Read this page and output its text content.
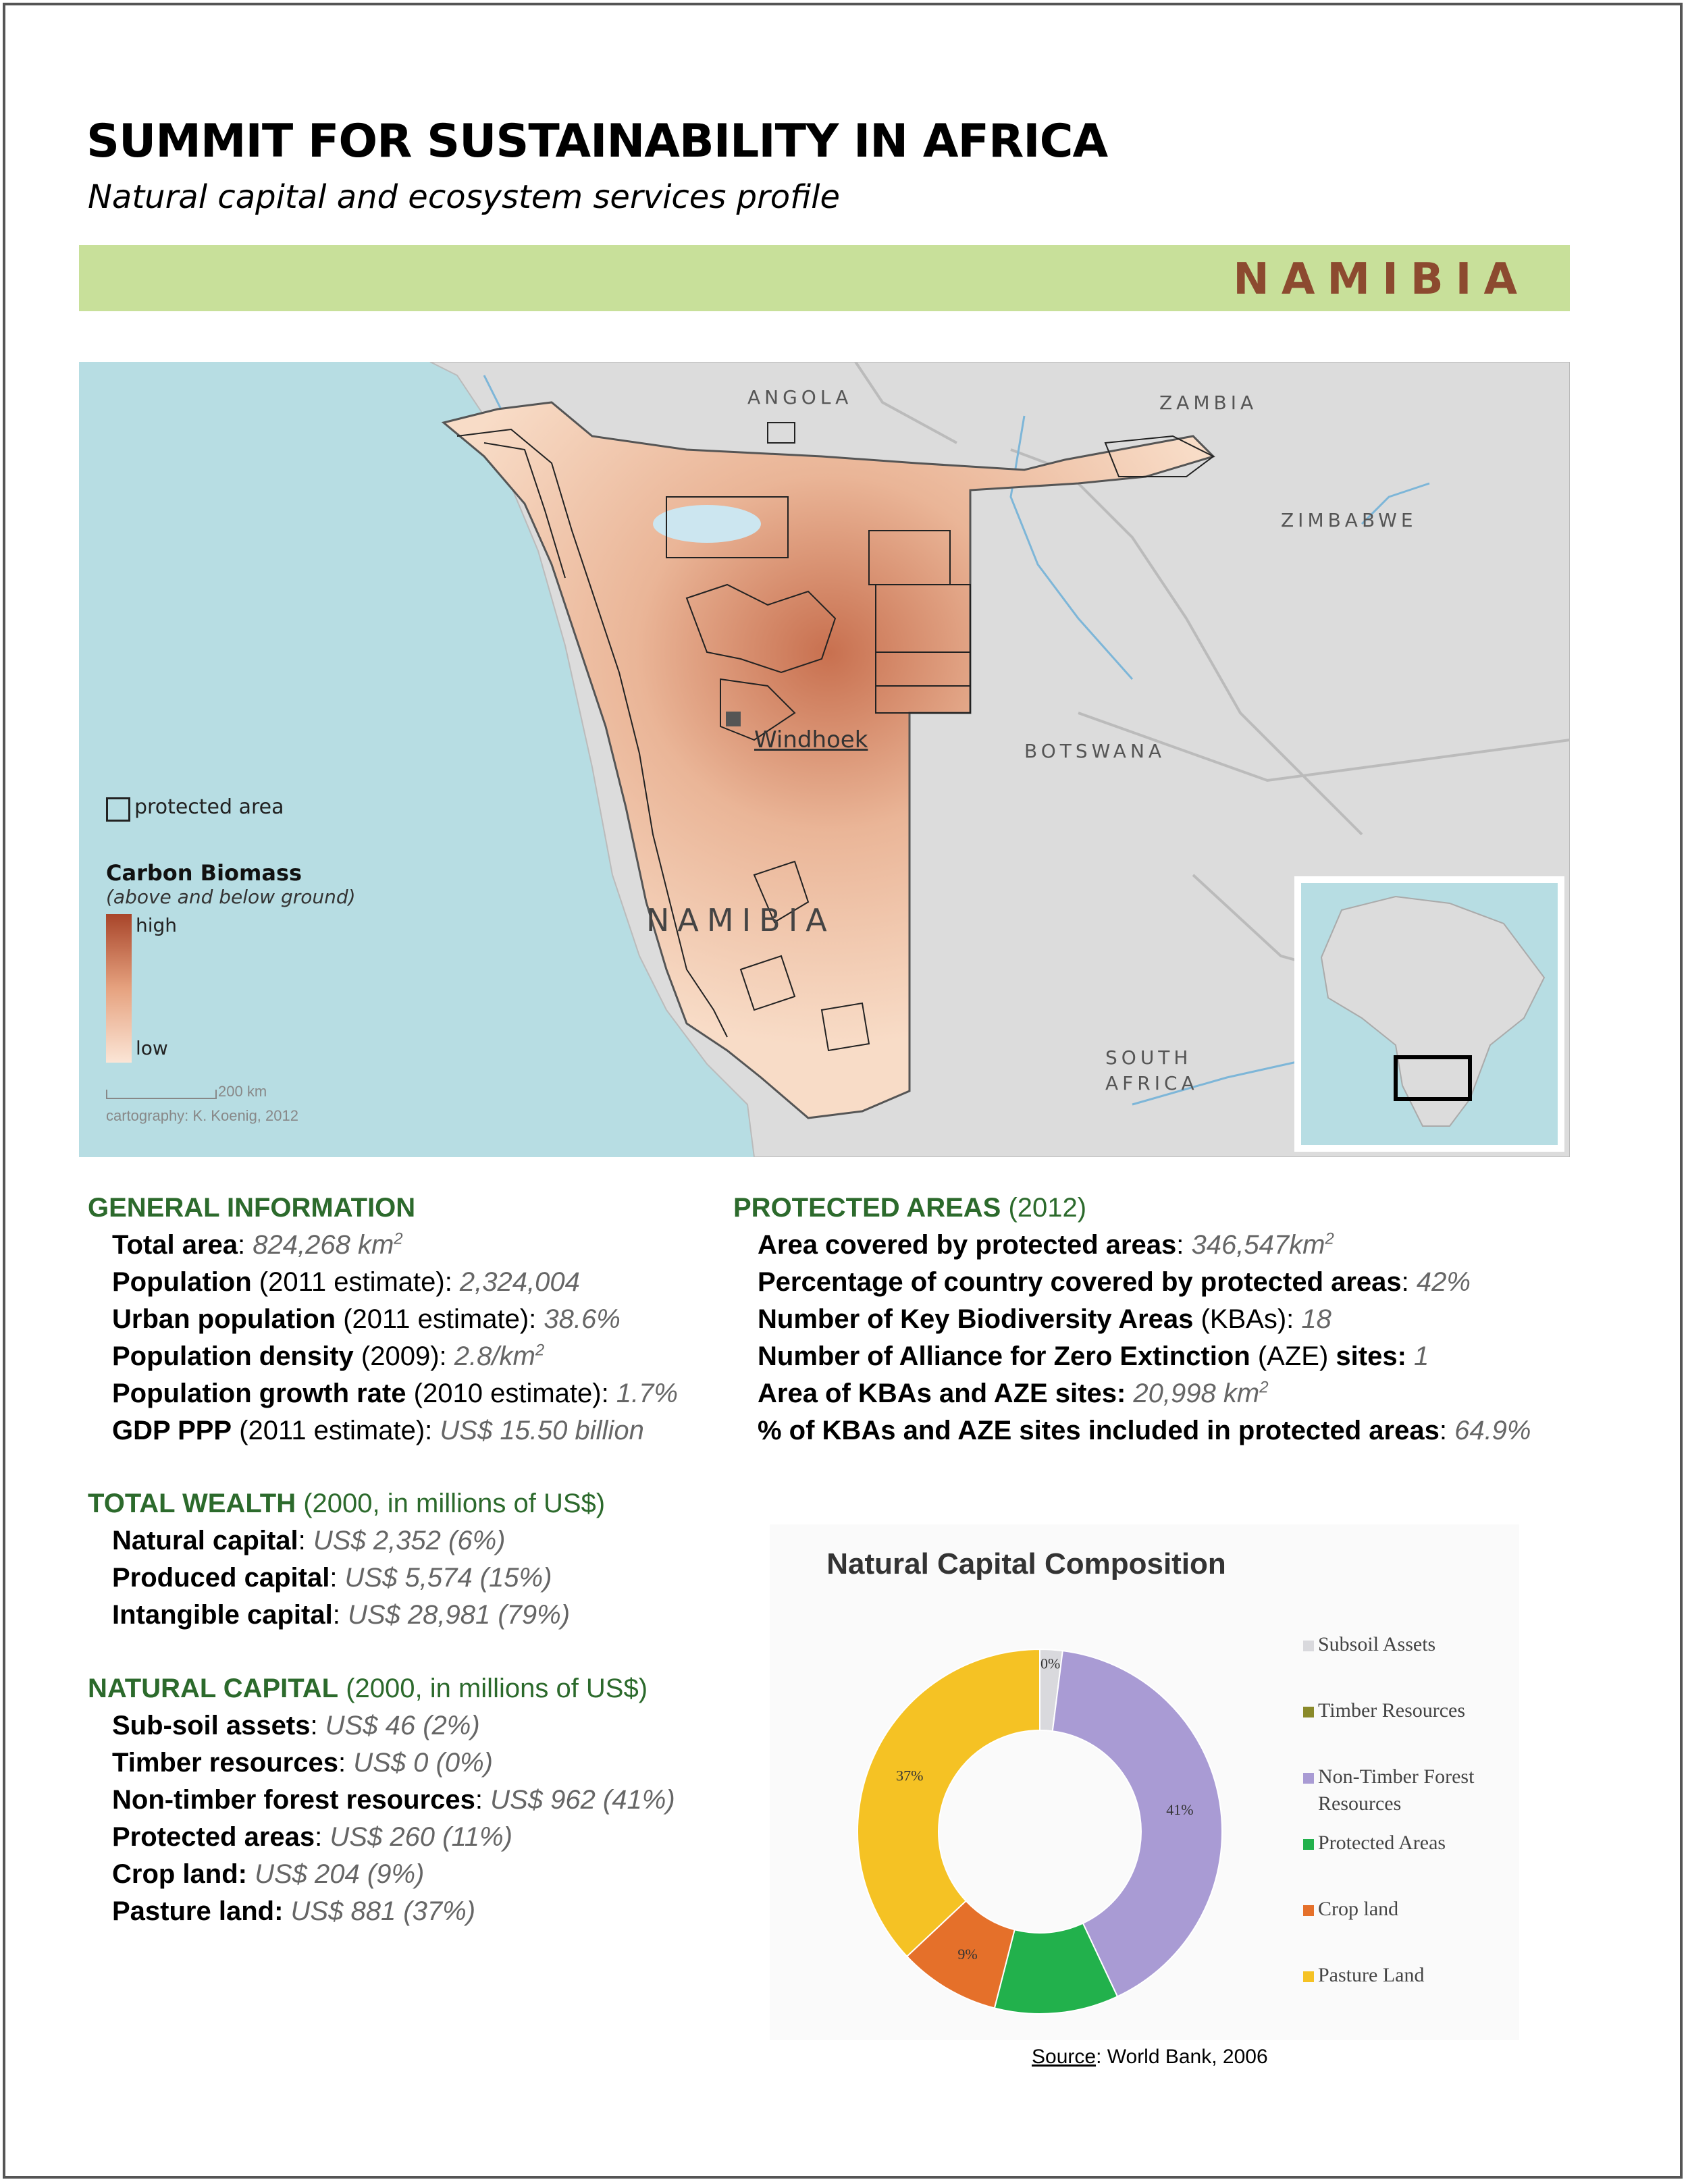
SUMMIT FOR SUSTAINABILITY IN AFRICA
Natural capital and ecosystem services profile
NAMIBIA
ANGOLA	ZAMBIA
ZIMBABWE
BOTSWANA
SOUTH
AFRICA
NAMIBIA
Windhoek
protected area
Carbon Biomass
(above and below ground)
high
low
200 km
cartography: K. Koenig, 2012
GENERAL INFORMATION
Total area: 824,268 $km^2$
Population (2011 estimate): 2,324,004
Urban population (2011 estimate): 38.6%
Population density (2009): $2.8/km^2$
Population growth rate (2010 estimate): 1.7%
GDP PPP (2011 estimate): US$ 15.50 billion
PROTECTED AREAS (2012)
Area covered by protected areas: $346,547km^2$
Percentage of country covered by protected areas: 42%
Number of Key Biodiversity Areas (KBAs): 18
Number of Alliance for Zero Extinction (AZE) sites: 1
Area of KBAs and AZE sites: 20,998 $km^2$
% of KBAs and AZE sites included in protected areas: 64.9%
TOTAL WEALTH (2000, in millions of US$)
Natural capital: US$ 2,352 (6%)
Produced capital: US$ 5,574 (15%)
Intangible capital: US$ 28,981 (79%)
NATURAL CAPITAL (2000, in millions of US$)
Sub-soil assets: US$ 46 (2%)
Timber resources: US$ 0 (0%)
Non-timber forest resources: US$ 962 (41%)
Protected areas: US$ 260 (11%)
Crop land: US$ 204 (9%)
Pasture land: US$ 881 (37%)
Natural Capital Composition
0%
41%
9%
37%
Subsoil Assets
Timber Resources
Non-Timber Forest Resources
Protected Areas
Crop land
Pasture Land
Source: World Bank, 2006
